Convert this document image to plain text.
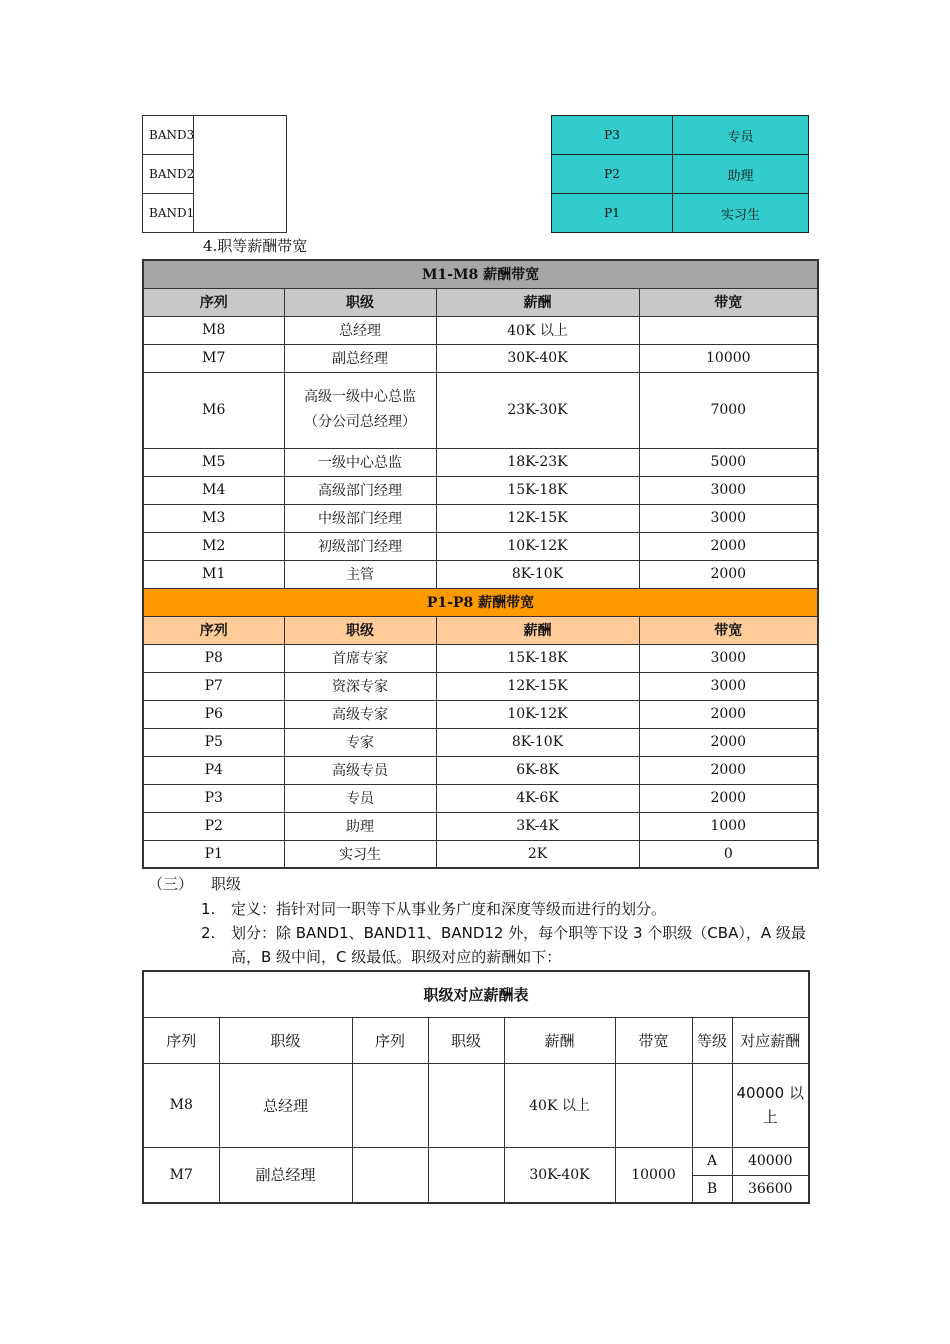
BAND3	
BAND2
BAND1
P3	专员
P2	助理
P1	实习生
4.职等薪酬带宽
M1-M8 薪酬带宽			
序列	职级	薪酬	带宽
M8	总经理	40K 以上	
M7	副总经理	30K-40K	10000
M6	高级一级中心总监（分公司总经理）	23K-30K	7000
M5	一级中心总监	18K-23K	5000
M4	高级部门经理	15K-18K	3000
M3	中级部门经理	12K-15K	3000
M2	初级部门经理	10K-12K	2000
M1	主管	8K-10K	2000
P1-P8 薪酬带宽			
序列	职级	薪酬	带宽
P8	首席专家	15K-18K	3000
P7	资深专家	12K-15K	3000
P6	高级专家	10K-12K	2000
P5	专家	8K-10K	2000
P4	高级专员	6K-8K	2000
P3	专员	4K-6K	2000
P2	助理	3K-4K	1000
P1	实习生	2K	0
（三） 职级
1. 定义：指针对同一职等下从事业务广度和深度等级而进行的划分。
2. 划分：除 BAND1、BAND11、BAND12 外，每个职等下设 3 个职级（CBA），A 级最高，B 级中间，C 级最低。职级对应的薪酬如下：
职级对应薪酬表							
序列	职级	序列	职级	薪酬	带宽	等级	对应薪酬
M8	总经理			40K 以上			40000 以上
M7	副总经理			30K-40K	10000	A	40000
						B	36600
